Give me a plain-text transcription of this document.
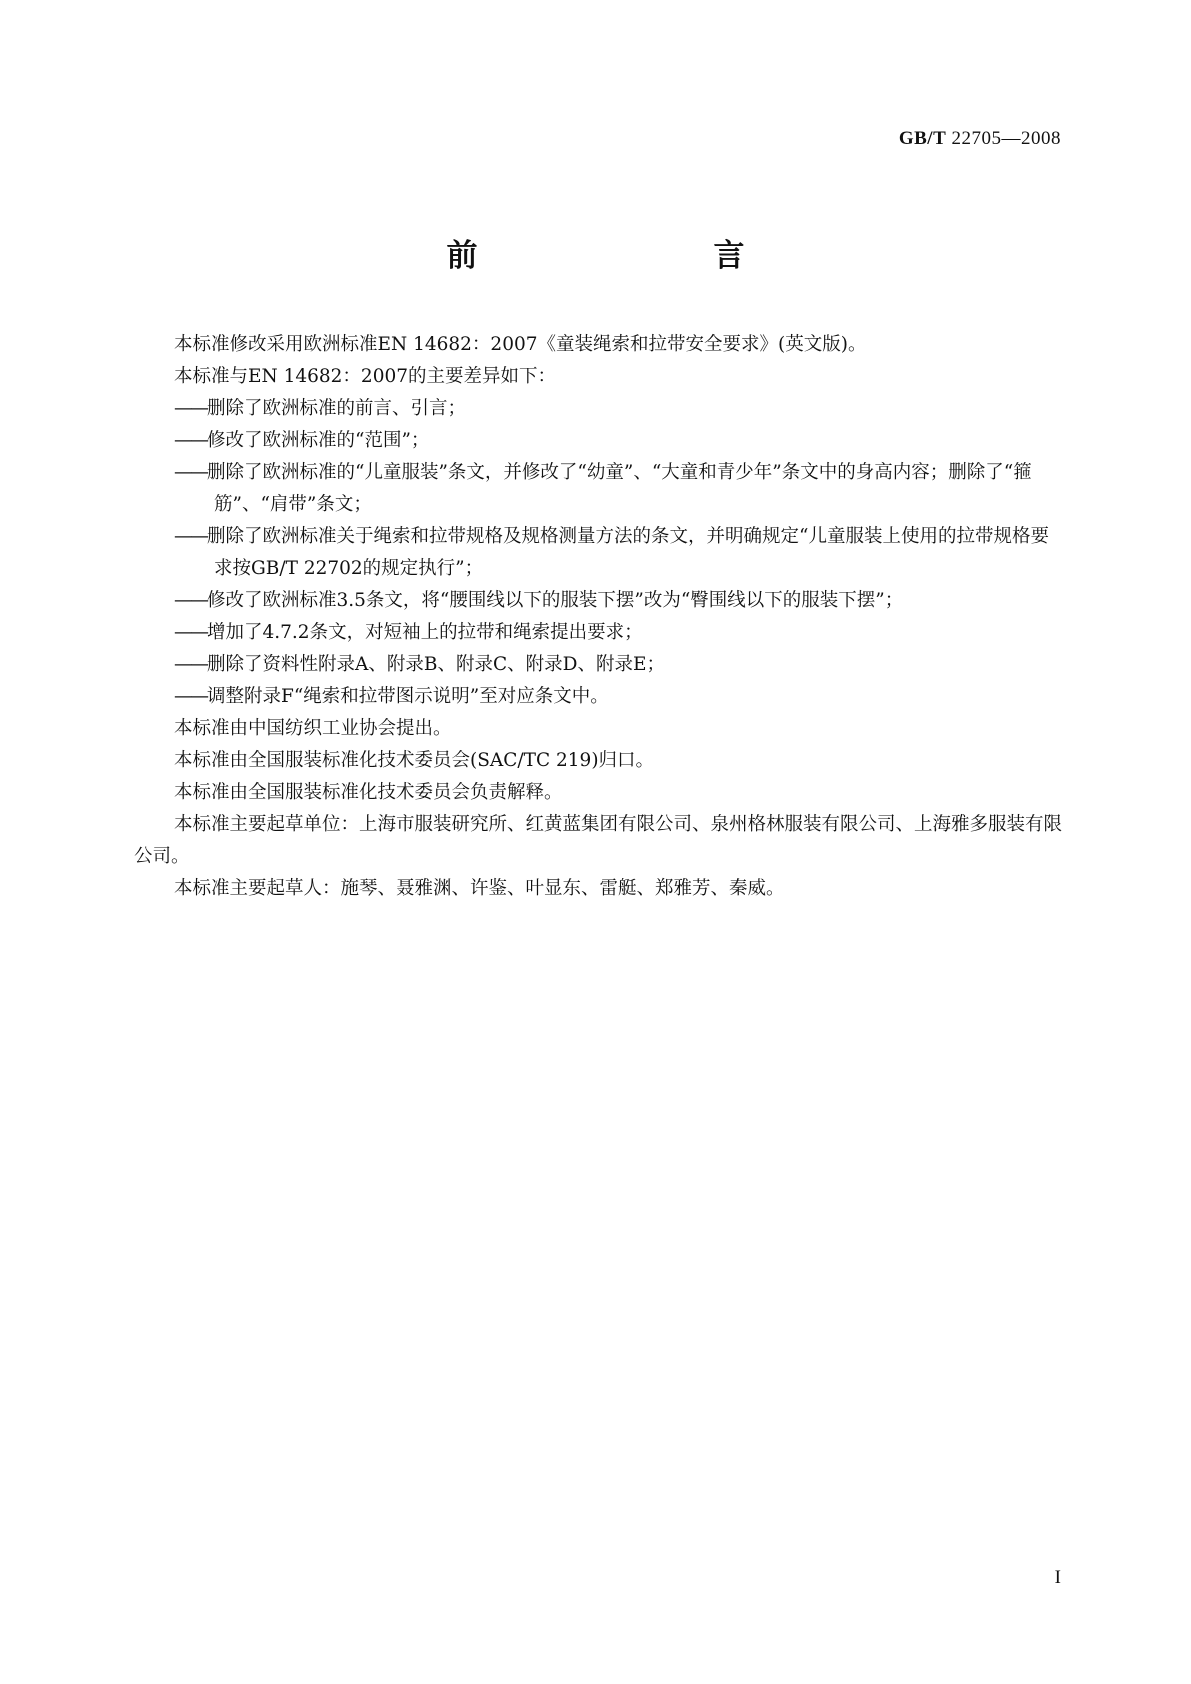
GB/T 22705—2008
前　　言

本标准修改采用欧洲标准EN 14682：2007《童装绳索和拉带安全要求》(英文版)。

本标准与EN 14682：2007的主要差异如下：

——删除了欧洲标准的前言、引言；

——修改了欧洲标准的“范围”；

——删除了欧洲标准的“儿童服装”条文，并修改了“幼童”、“大童和青少年”条文中的身高内容；删除了“箍筋”、“肩带”条文；

——删除了欧洲标准关于绳索和拉带规格及规格测量方法的条文，并明确规定“儿童服装上使用的拉带规格要求按GB/T 22702的规定执行”；

——修改了欧洲标准3.5条文，将“腰围线以下的服装下摆”改为“臀围线以下的服装下摆”；

——增加了4.7.2条文，对短袖上的拉带和绳索提出要求；

——删除了资料性附录A、附录B、附录C、附录D、附录E；

——调整附录F“绳索和拉带图示说明”至对应条文中。

本标准由中国纺织工业协会提出。

本标准由全国服装标准化技术委员会(SAC/TC 219)归口。

本标准由全国服装标准化技术委员会负责解释。

本标准主要起草单位：上海市服装研究所、红黄蓝集团有限公司、泉州格林服装有限公司、上海雅多服装有限公司。

本标准主要起草人：施琴、聂雅渊、许鉴、叶显东、雷艇、郑雅芳、秦威。

I
